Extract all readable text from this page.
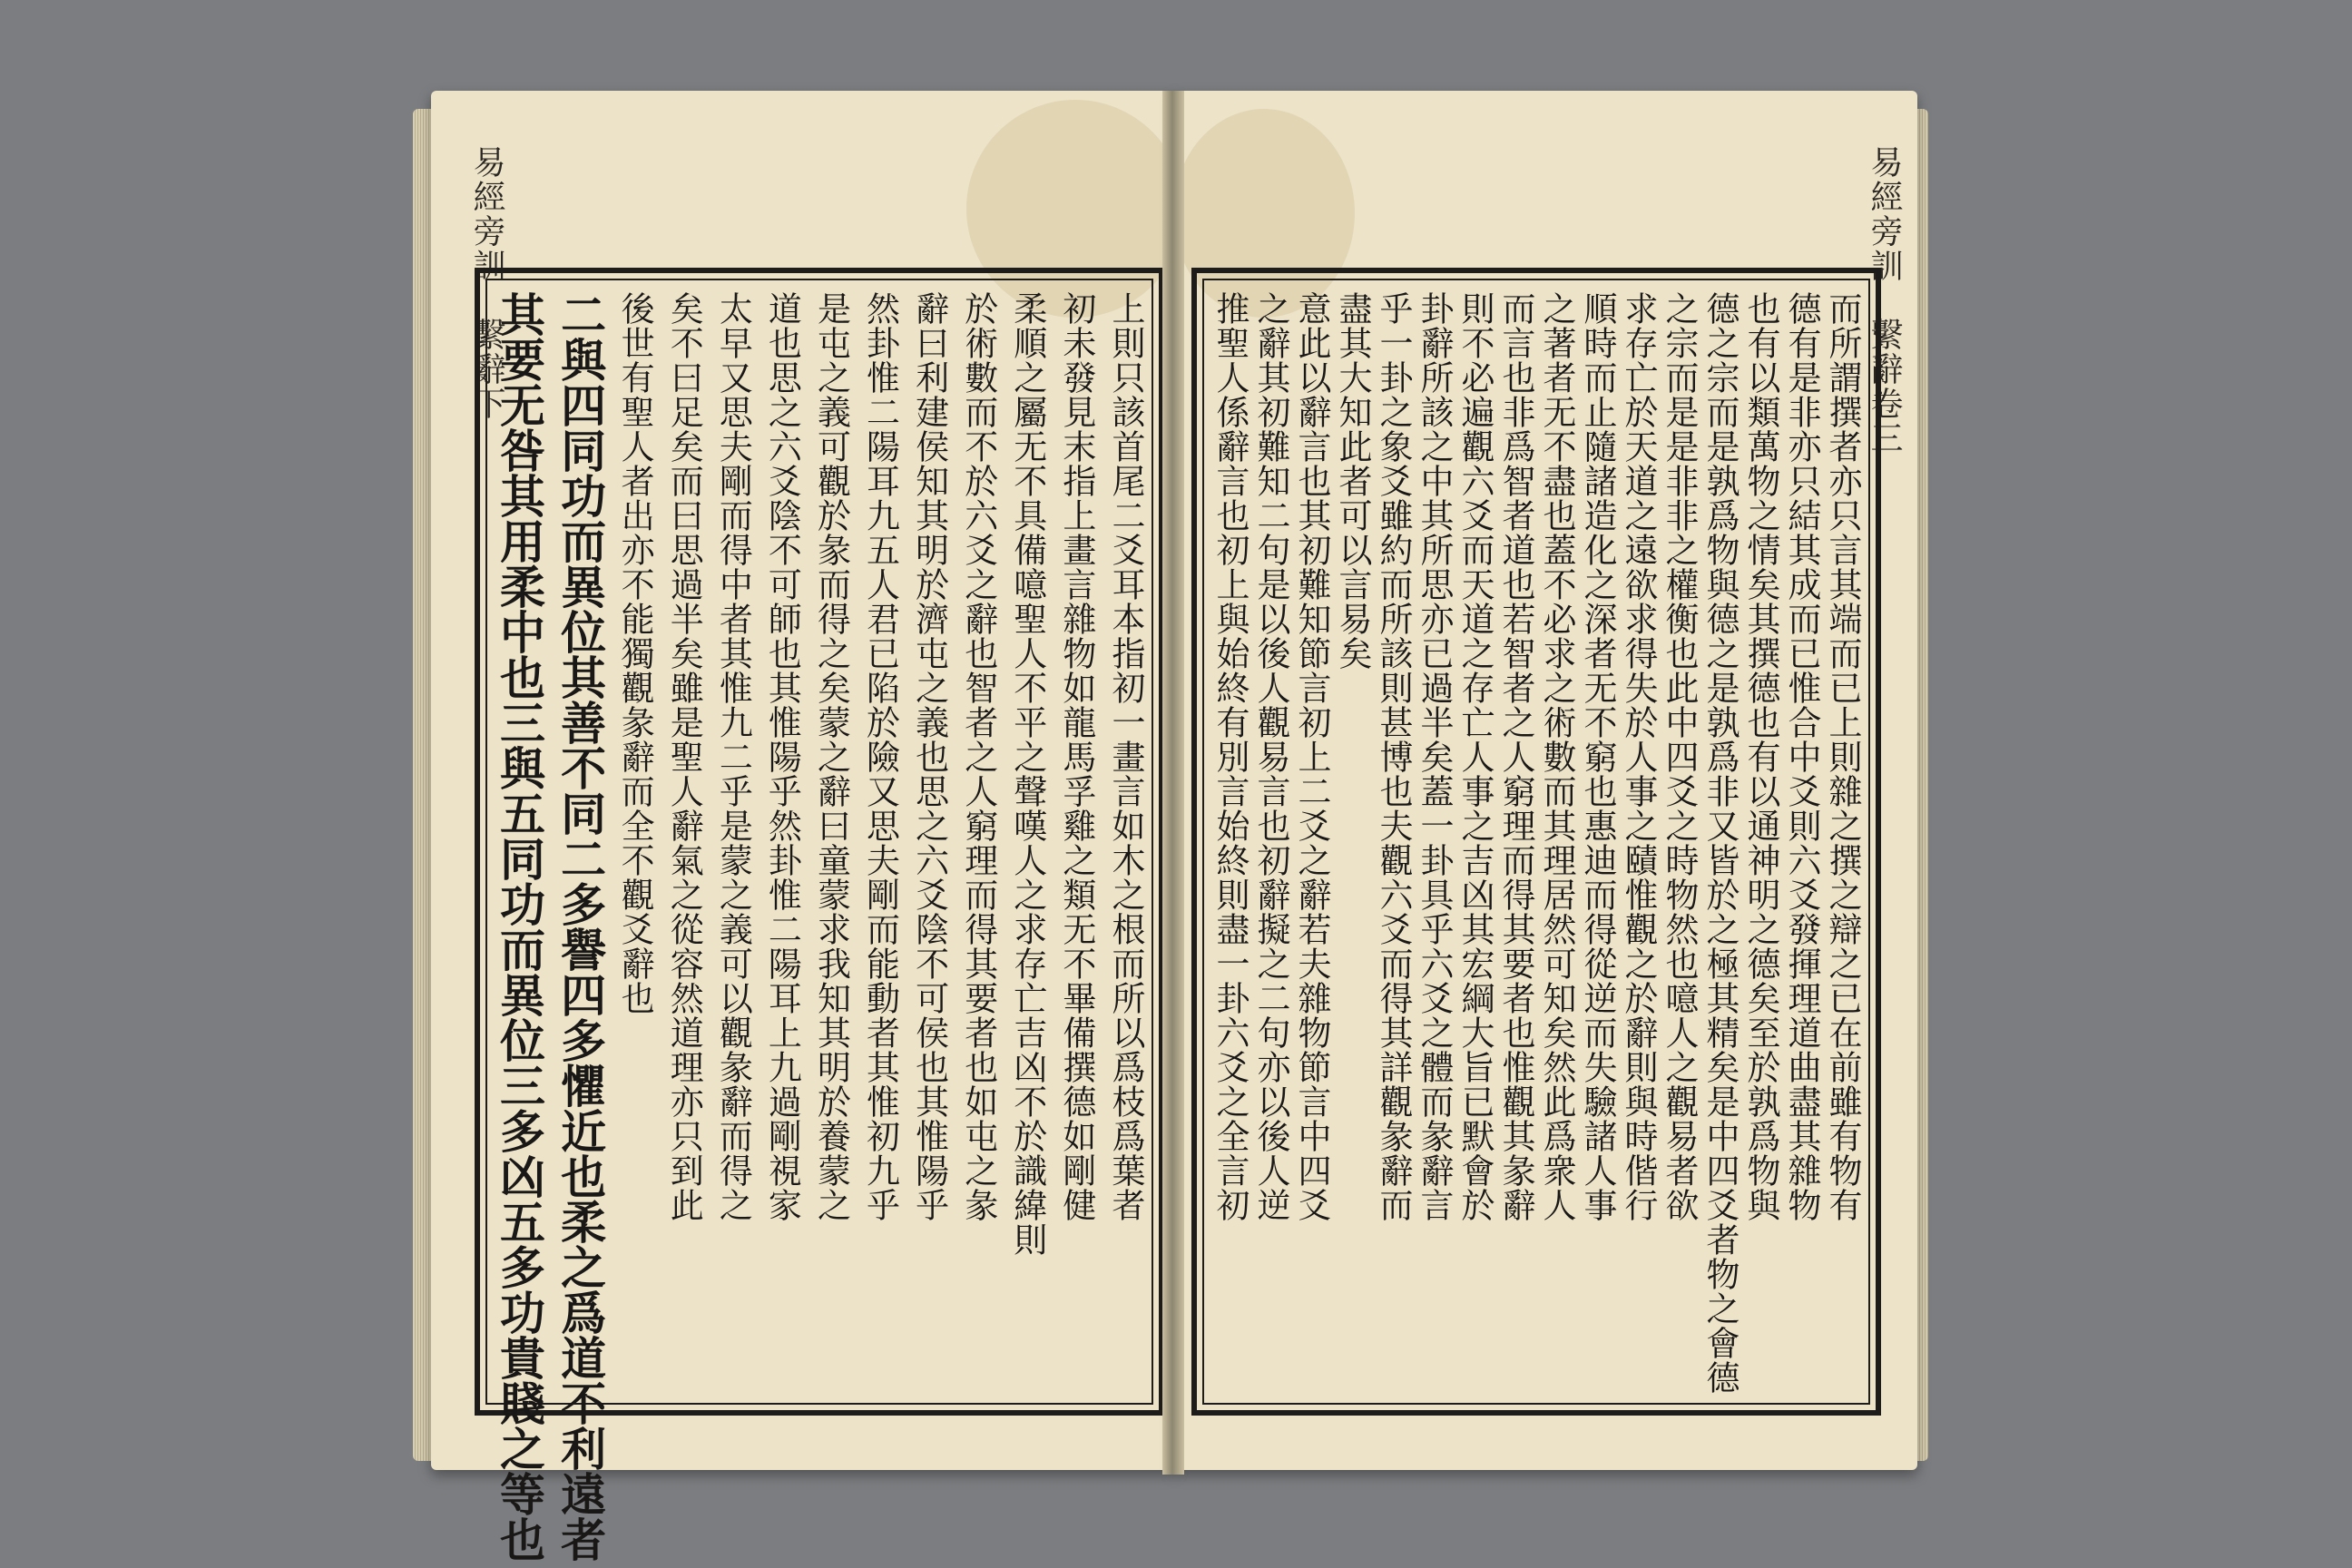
易經旁訓　繫辭下
上則只該首尾二爻耳本指初一畫言如木之根而所以爲枝爲葉者
初未發見末指上畫言雜物如龍馬孚雞之類无不畢備撰德如剛健
柔順之屬无不具備噫聖人不平之聲嘆人之求存亡吉凶不於識緯則
於術數而不於六爻之辭也智者之人窮理而得其要者也如屯之彖
辭曰利建侯知其明於濟屯之義也思之六爻陰不可侯也其惟陽乎
然卦惟二陽耳九五人君已陷於險又思夫剛而能動者其惟初九乎
是屯之義可觀於彖而得之矣蒙之辭曰童蒙求我知其明於養蒙之
道也思之六爻陰不可師也其惟陽乎然卦惟二陽耳上九過剛視家
太早又思夫剛而得中者其惟九二乎是蒙之義可以觀彖辭而得之
矣不曰足矣而曰思過半矣雖是聖人辭氣之從容然道理亦只到此
後世有聖人者出亦不能獨觀彖辭而全不觀爻辭也
二與四同功而異位其善不同二多譽四多懼近也柔之爲道不利遠者
其要无咎其用柔中也三與五同功而異位三多凶五多功貴賤之等也	易經旁訓　繫辭卷三
而所謂撰者亦只言其端而已上則雜之撰之辯之已在前雖有物有
德有是非亦只結其成而已惟合中爻則六爻發揮理道曲盡其雜物
也有以類萬物之情矣其撰德也有以通神明之德矣至於孰爲物與
德之宗而是孰爲物與德之是孰爲非又皆於之極其精矣是中四爻者物之會德
之宗而是是非非之權衡也此中四爻之時物然也噫人之觀易者欲
求存亡於天道之遠欲求得失於人事之賾惟觀之於辭則與時偕行
順時而止隨諸造化之深者无不窮也惠迪而得從逆而失驗諸人事
之著者无不盡也蓋不必求之術數而其理居然可知矣然此爲衆人
而言也非爲智者道也若智者之人窮理而得其要者也惟觀其彖辭
則不必遍觀六爻而天道之存亡人事之吉凶其宏綱大旨已默會於
卦辭所該之中其所思亦已過半矣蓋一卦具乎六爻之體而彖辭言
乎一卦之象爻雖約而所該則甚博也夫觀六爻而得其詳觀彖辭而
盡其大知此者可以言易矣
意此以辭言也其初難知節言初上二爻之辭若夫雜物節言中四爻
之辭其初難知二句是以後人觀易言也初辭擬之二句亦以後人逆
推聖人係辭言也初上與始終有別言始終則盡一卦六爻之全言初
